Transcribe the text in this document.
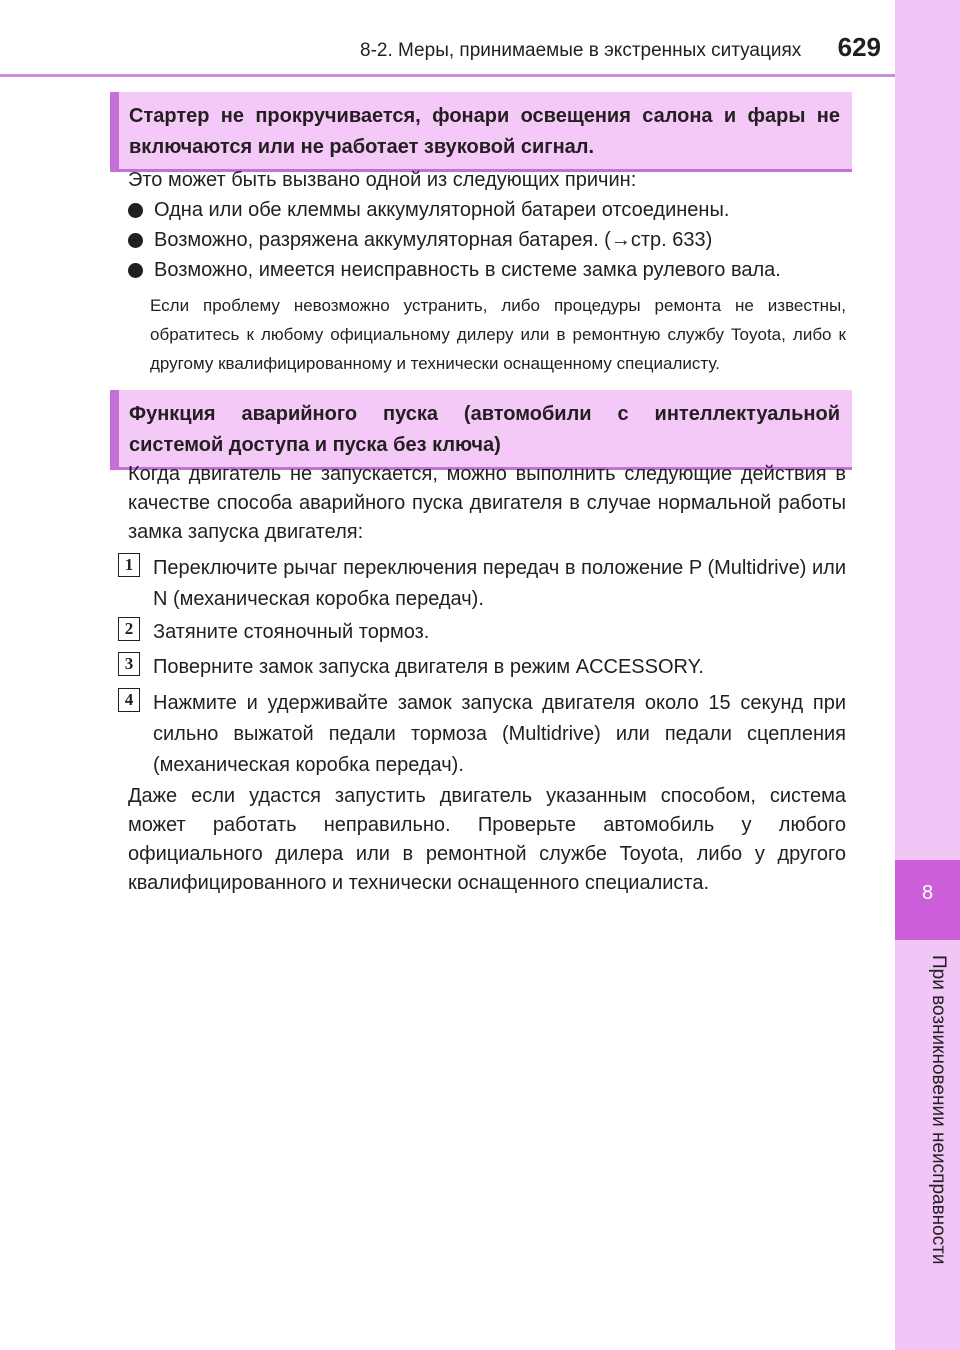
8-2. Меры, принимаемые в экстренных ситуациях 629
8
При возникновении неисправности
Стартер не прокручивается, фонари освещения салона и фары не
включаются или не работает звуковой сигнал.
Это может быть вызвано одной из следующих причин:
Одна или обе клеммы аккумуляторной батареи отсоединены.
Возможно, разряжена аккумуляторная батарея. (→стр. 633)
Возможно, имеется неисправность в системе замка рулевого вала.
Если проблему невозможно устранить, либо процедуры ремонта не известны, обратитесь к любому официальному дилеру или в ремонтную службу Toyota, либо к другому квалифицированному и технически оснащенному специалисту.
Функция аварийного пуска (автомобили с интеллектуальной
системой доступа и пуска без ключа)
Когда двигатель не запускается, можно выполнить следующие действия в качестве способа аварийного пуска двигателя в случае нормальной работы замка запуска двигателя:
1 Переключите рычаг переключения передач в положение P (Multidrive) или N (механическая коробка передач).
2 Затяните стояночный тормоз.
3 Поверните замок запуска двигателя в режим ACCESSORY.
4 Нажмите и удерживайте замок запуска двигателя около 15 секунд при сильно выжатой педали тормоза (Multidrive) или педали сцепления (механическая коробка передач).
Даже если удастся запустить двигатель указанным способом, система может работать неправильно. Проверьте автомобиль у любого официального дилера или в ремонтной службе Toyota, либо у другого квалифицированного и технически оснащенного специалиста.
